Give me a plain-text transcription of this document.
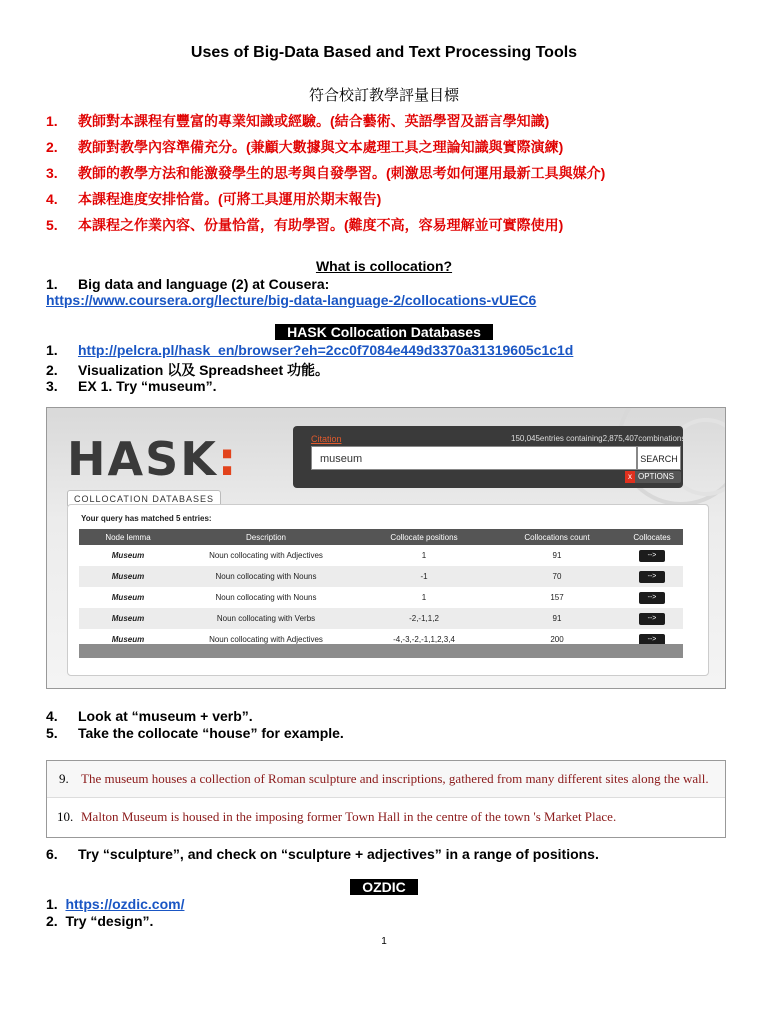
Uses of Big-Data Based and Text Processing Tools
符合校訂教學評量目標
1.	教師對本課程有豐富的專業知識或經驗。(結合藝術、英語學習及語言學知識)
2.	教師對教學內容準備充分。(兼顧大數據與文本處理工具之理論知識與實際演練)
3.	教師的教學方法和能激發學生的思考與自發學習。(刺激思考如何運用最新工具與媒介)
4.	本課程進度安排恰當。(可將工具運用於期末報告)
5.	本課程之作業內容、份量恰當，有助學習。(難度不高，容易理解並可實際使用)
What is collocation?
1. Big data and language (2) at Cousera:
https://www.coursera.org/lecture/big-data-language-2/collocations-vUEC6
HASK Collocation Databases
1. http://pelcra.pl/hask_en/browser?eh=2cc0f7084e449d3370a31319605c1c1d
2. Visualization 以及 Spreadsheet 功能。
3. EX 1. Try “museum”.
HASK:
COLLOCATION DATABASES
Citation	150,045entries containing2,875,407combinations
museum	SEARCH
x OPTIONS
Your query has matched 5 entries:
Node lemma	Description	Collocate positions	Collocations count	Collocates
Museum	Noun collocating with Adjectives	1	91	-->
Museum	Noun collocating with Nouns	-1	70	-->
Museum	Noun collocating with Nouns	1	157	-->
Museum	Noun collocating with Verbs	-2,-1,1,2	91	-->
Museum	Noun collocating with Adjectives	-4,-3,-2,-1,1,2,3,4	200	-->
4. Look at “museum + verb”.
5. Take the collocate “house” for example.
9. The museum houses a collection of Roman sculpture and inscriptions, gathered from many different sites along the wall.
10. Malton Museum is housed in the imposing former Town Hall in the centre of the town 's Market Place.
6. Try “sculpture”, and check on “sculpture + adjectives” in a range of positions.
OZDIC
1. https://ozdic.com/
2. Try “design”.
1
